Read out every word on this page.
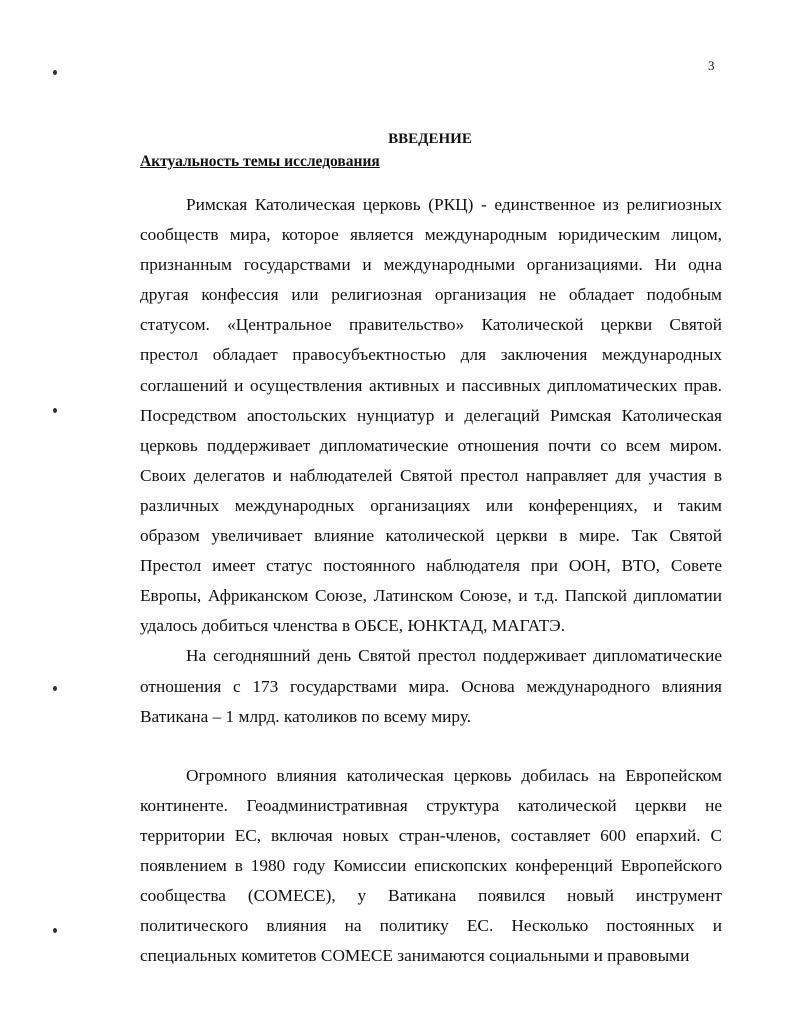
3
ВВЕДЕНИЕ
Актуальность темы исследования
Римская Католическая церковь (РКЦ) - единственное из религиозных
сообществ мира, которое является международным юридическим лицом,
признанным государствами и международными организациями. Ни одна
другая конфессия или религиозная организация не обладает подобным
статусом. «Центральное правительство» Католической церкви Святой
престол обладает правосубъектностью для заключения международных
соглашений и осуществления активных и пассивных дипломатических прав.
Посредством апостольских нунциатур и делегаций Римская Католическая
церковь поддерживает дипломатические отношения почти со всем миром.
Своих делегатов и наблюдателей Святой престол направляет для участия в
различных международных организациях или конференциях, и таким
образом увеличивает влияние католической церкви в мире. Так Святой
Престол имеет статус постоянного наблюдателя при ООН, ВТО, Совете
Европы, Африканском Союзе, Латинском Союзе, и т.д. Папской дипломатии
удалось добиться членства в ОБСЕ, ЮНКТАД, МАГАТЭ.
На сегодняшний день Святой престол поддерживает дипломатические
отношения с 173 государствами мира. Основа международного влияния
Ватикана – 1 млрд. католиков по всему миру.
Огромного влияния католическая церковь добилась на Европейском
континенте. Геоадминистративная структура католической церкви не
территории ЕС, включая новых стран-членов, составляет 600 епархий. С
появлением в 1980 году Комиссии епископских конференций Европейского
сообщества (COMECE), у Ватикана появился новый инструмент
политического влияния на политику ЕС. Несколько постоянных и
специальных комитетов COMECE занимаются социальными и правовыми
